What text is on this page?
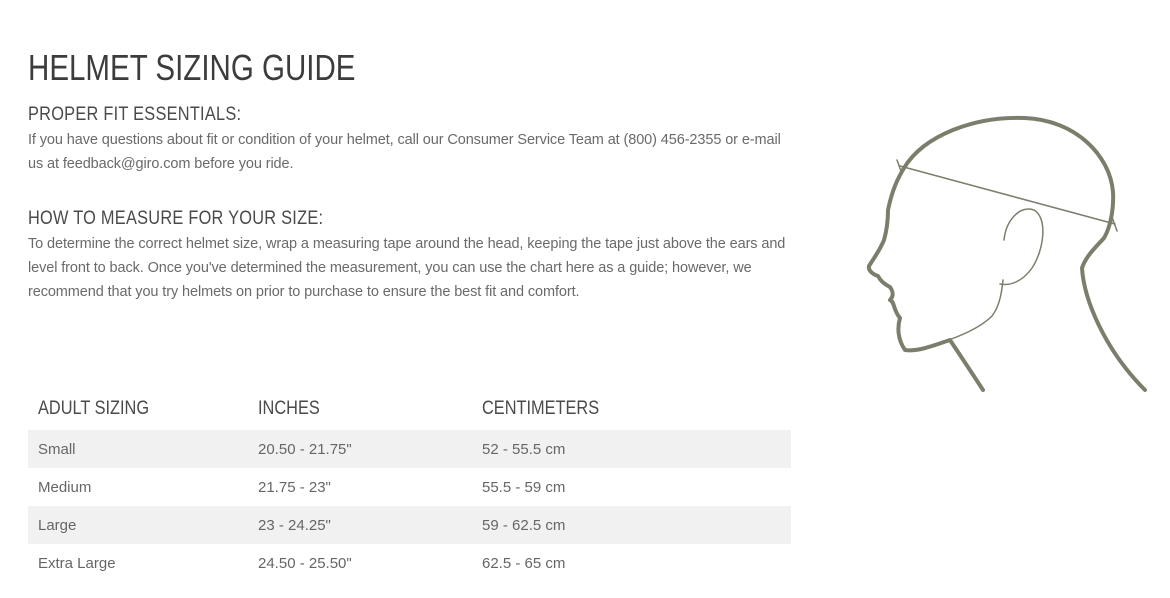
HELMET SIZING GUIDE
PROPER FIT ESSENTIALS:

If you have questions about fit or condition of your helmet, call our Consumer Service Team at (800) 456-2355 or e-mail us at feedback@giro.com before you ride.

HOW TO MEASURE FOR YOUR SIZE:

To determine the correct helmet size, wrap a measuring tape around the head, keeping the tape just above the ears and level front to back. Once you've determined the measurement, you can use the chart here as a guide; however, we recommend that you try helmets on prior to purchase to ensure the best fit and comfort.

ADULT SIZING	INCHES	CENTIMETERS
Small	20.50 - 21.75"	52 - 55.5 cm
Medium	21.75 - 23"	55.5 - 59 cm
Large	23 - 24.25"	59 - 62.5 cm
Extra Large	24.50 - 25.50"	62.5 - 65 cm
